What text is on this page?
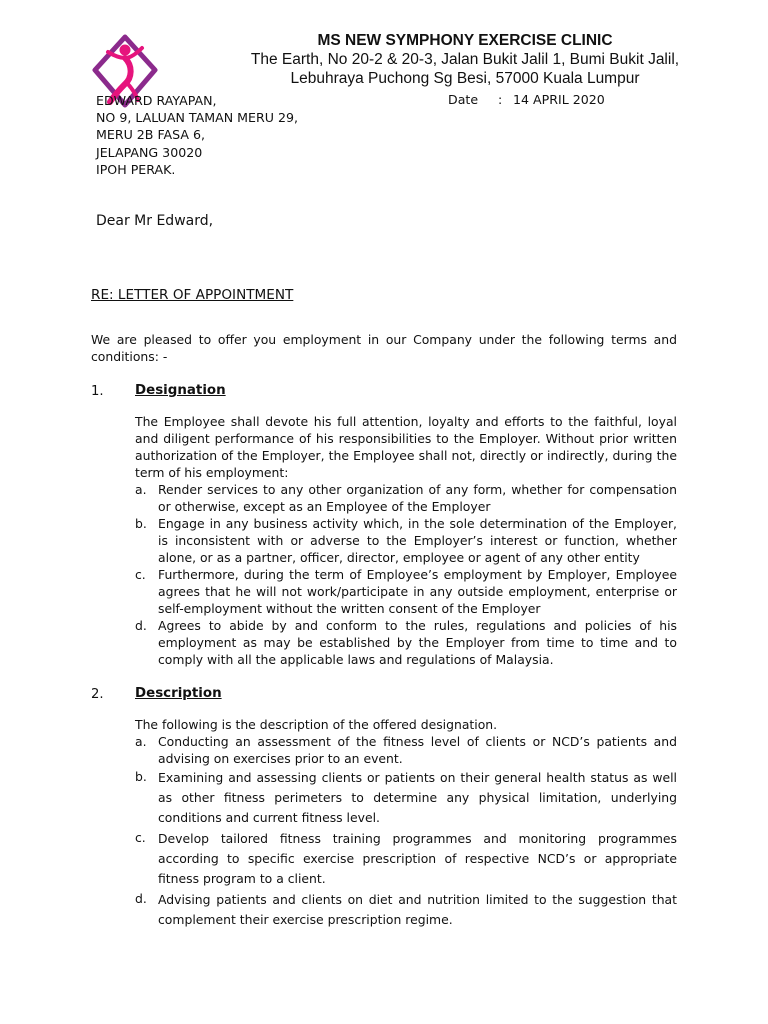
MS NEW SYMPHONY EXERCISE CLINIC
The Earth, No 20-2 & 20-3, Jalan Bukit Jalil 1, Bumi Bukit Jalil,
Lebuhraya Puchong Sg Besi, 57000 Kuala Lumpur
EDWARD RAYAPAN,
NO 9, LALUAN TAMAN MERU 29,
MERU 2B FASA 6,
JELAPANG 30020
IPOH PERAK.
Date : 14 APRIL 2020
Dear Mr Edward,
RE: LETTER OF APPOINTMENT
We are pleased to offer you employment in our Company under the following terms and conditions: -
1. Designation
The Employee shall devote his full attention, loyalty and efforts to the faithful, loyal and diligent performance of his responsibilities to the Employer. Without prior written authorization of the Employer, the Employee shall not, directly or indirectly, during the term of his employment:
a. Render services to any other organization of any form, whether for compensation or otherwise, except as an Employee of the Employer
b. Engage in any business activity which, in the sole determination of the Employer, is inconsistent with or adverse to the Employer’s interest or function, whether alone, or as a partner, officer, director, employee or agent of any other entity
c. Furthermore, during the term of Employee’s employment by Employer, Employee agrees that he will not work/participate in any outside employment, enterprise or self-employment without the written consent of the Employer
d. Agrees to abide by and conform to the rules, regulations and policies of his employment as may be established by the Employer from time to time and to comply with all the applicable laws and regulations of Malaysia.
2. Description
The following is the description of the offered designation.
a. Conducting an assessment of the fitness level of clients or NCD’s patients and advising on exercises prior to an event.
b. Examining and assessing clients or patients on their general health status as well as other fitness perimeters to determine any physical limitation, underlying conditions and current fitness level.
c. Develop tailored fitness training programmes and monitoring programmes according to specific exercise prescription of respective NCD’s or appropriate fitness program to a client.
d. Advising patients and clients on diet and nutrition limited to the suggestion that complement their exercise prescription regime.
